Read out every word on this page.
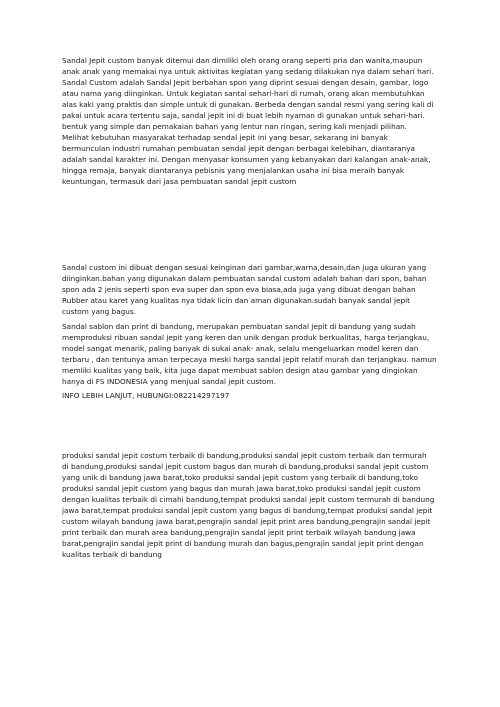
Sandal Jepit custom banyak ditemui dan dimiliki oleh orang orang seperti pria dan wanita,maupun
anak anak yang memakai nya untuk aktivitas kegiatan yang sedang dilakukan nya dalam sehari hari.
Sandal Custom adalah Sandal Jepit berbahan spon yang diprint sesuai dengan desain, gambar, logo
atau nama yang diinginkan. Untuk kegiatan santai sehari-hari di rumah, orang akan membutuhkan
alas kaki yang praktis dan simple untuk di gunakan. Berbeda dengan sandal resmi yang sering kali di
pakai untuk acara tertentu saja, sandal jepit ini di buat lebih nyaman di gunakan untuk sehari-hari.
bentuk yang simple dan pemakaian bahan yang lentur nan ringan, sering kali menjadi pilihan.
Melihat kebutuhan masyarakat terhadap sendal jepit ini yang besar, sekarang ini banyak
bermunculan industri rumahan pembuatan sendal jepit dengan berbagai kelebihan, diantaranya
adalah sandal karakter ini. Dengan menyasar konsumen yang kebanyakan dari kalangan anak-anak,
hingga remaja, banyak diantaranya pebisnis yang menjalankan usaha ini bisa meraih banyak
keuntungan, termasuk dari jasa pembuatan sandal jepit custom

Sandal custom ini dibuat dengan sesuai keinginan dari gambar,warna,desain,dan juga ukuran yang
diinginkan.bahan yang digunakan dalam pembuatan sandal custom adalah bahan dari spon, bahan
spon ada 2 jenis seperti spon eva super dan spon eva biasa,ada juga yang dibuat dengan bahan
Rubber atau karet yang kualitas nya tidak licin dan aman digunakan.sudah banyak sandal jepit
custom yang bagus.

Sandal sablon dan print di bandung, merupakan pembuatan sandal jepit di bandung yang sudah
memproduksi ribuan sandal jepit yang keren dan unik dengan produk berkualitas, harga terjangkau,
model sangat menarik, paling banyak di sukai anak- anak, selalu mengeluarkan model keren dan
terbaru , dan tentunya aman terpecaya meski harga sandal jepit relatif murah dan terjangkau. namun
memliki kualitas yang baik, kita juga dapat membuat sablon design atau gambar yang dinginkan
hanya di FS INDONESIA yang menjual sandal jepit custom.

INFO LEBIH LANJUT, HUBUNGI:082214297197

produksi sandal jepit costum terbaik di bandung,produksi sandal jepit custom terbaik dan termurah
di bandung,produksi sandal jepit custom bagus dan murah di bandung,produksi sandal jepit custom
yang unik di bandung jawa barat,toko produksi sandal jepit custom yang terbaik di bandung,toko
produksi sandal jepit custom yang bagus dan murah jawa barat,toko produksi sandal jepit custom
dengan kualitas terbaik di cimahi bandung,tempat produksi sandal jepit custom termurah di bandung
jawa barat,tempat produksi sandal jepit custom yang bagus di bandung,tempat produksi sandal jepit
custom wilayah bandung jawa barat,pengrajin sandal jepit print area bandung,pengrajin sandal jepit
print terbaik dan murah area bandung,pengrajin sandal jepit print terbaik wilayah bandung jawa
barat,pengrajin sandal jepit print di bandung murah dan bagus,pengrajin sandal jepit print dengan
kualitas terbaik di bandung
